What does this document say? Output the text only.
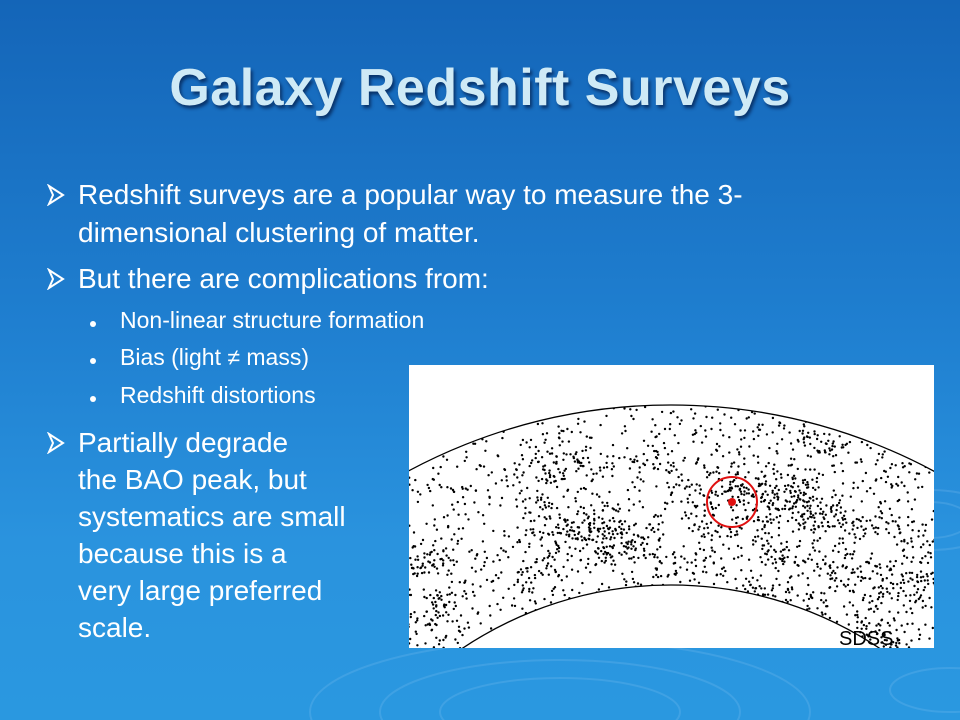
Galaxy Redshift Surveys
Redshift surveys are a popular way to measure the 3-
dimensional clustering of matter.
But there are complications from:
Non-linear structure formation
Bias (light ≠ mass)
Redshift distortions
Partially degrade
the BAO peak, but
systematics are small
because this is a
very large preferred
scale.	SDSS
